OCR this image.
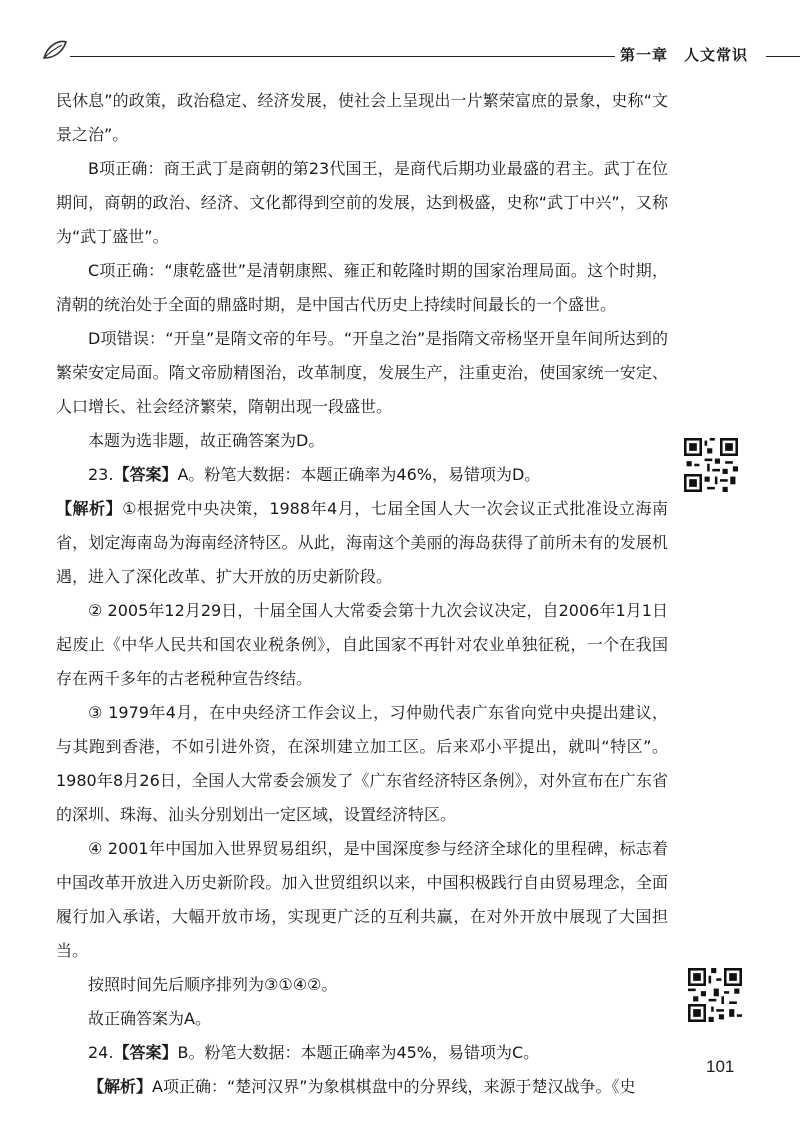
第一章　人文常识

民休息”的政策，政治稳定、经济发展，使社会上呈现出一片繁荣富庶的景象，史称“文景之治”。

B项正确：商王武丁是商朝的第23代国王，是商代后期功业最盛的君主。武丁在位期间，商朝的政治、经济、文化都得到空前的发展，达到极盛，史称“武丁中兴”，又称为“武丁盛世”。

C项正确：“康乾盛世”是清朝康熙、雍正和乾隆时期的国家治理局面。这个时期，清朝的统治处于全面的鼎盛时期，是中国古代历史上持续时间最长的一个盛世。

D项错误：“开皇”是隋文帝的年号。“开皇之治”是指隋文帝杨坚开皇年间所达到的繁荣安定局面。隋文帝励精图治，改革制度，发展生产，注重吏治，使国家统一安定、人口增长、社会经济繁荣，隋朝出现一段盛世。

本题为选非题，故正确答案为D。

23.【答案】A。粉笔大数据：本题正确率为46%，易错项为D。

【解析】①根据党中央决策，1988年4月，七届全国人大一次会议正式批准设立海南省，划定海南岛为海南经济特区。从此，海南这个美丽的海岛获得了前所未有的发展机遇，进入了深化改革、扩大开放的历史新阶段。

② 2005年12月29日，十届全国人大常委会第十九次会议决定，自2006年1月1日起废止《中华人民共和国农业税条例》，自此国家不再针对农业单独征税，一个在我国存在两千多年的古老税种宣告终结。

③ 1979年4月，在中央经济工作会议上，习仲勋代表广东省向党中央提出建议，与其跑到香港，不如引进外资，在深圳建立加工区。后来邓小平提出，就叫“特区”。1980年8月26日，全国人大常委会颁发了《广东省经济特区条例》，对外宣布在广东省的深圳、珠海、汕头分别划出一定区域，设置经济特区。

④ 2001年中国加入世界贸易组织，是中国深度参与经济全球化的里程碑，标志着中国改革开放进入历史新阶段。加入世贸组织以来，中国积极践行自由贸易理念，全面履行加入承诺，大幅开放市场，实现更广泛的互利共赢，在对外开放中展现了大国担当。

按照时间先后顺序排列为③①④②。

故正确答案为A。

24.【答案】B。粉笔大数据：本题正确率为45%，易错项为C。

【解析】A项正确：“楚河汉界”为象棋棋盘中的分界线，来源于楚汉战争。《史

101
